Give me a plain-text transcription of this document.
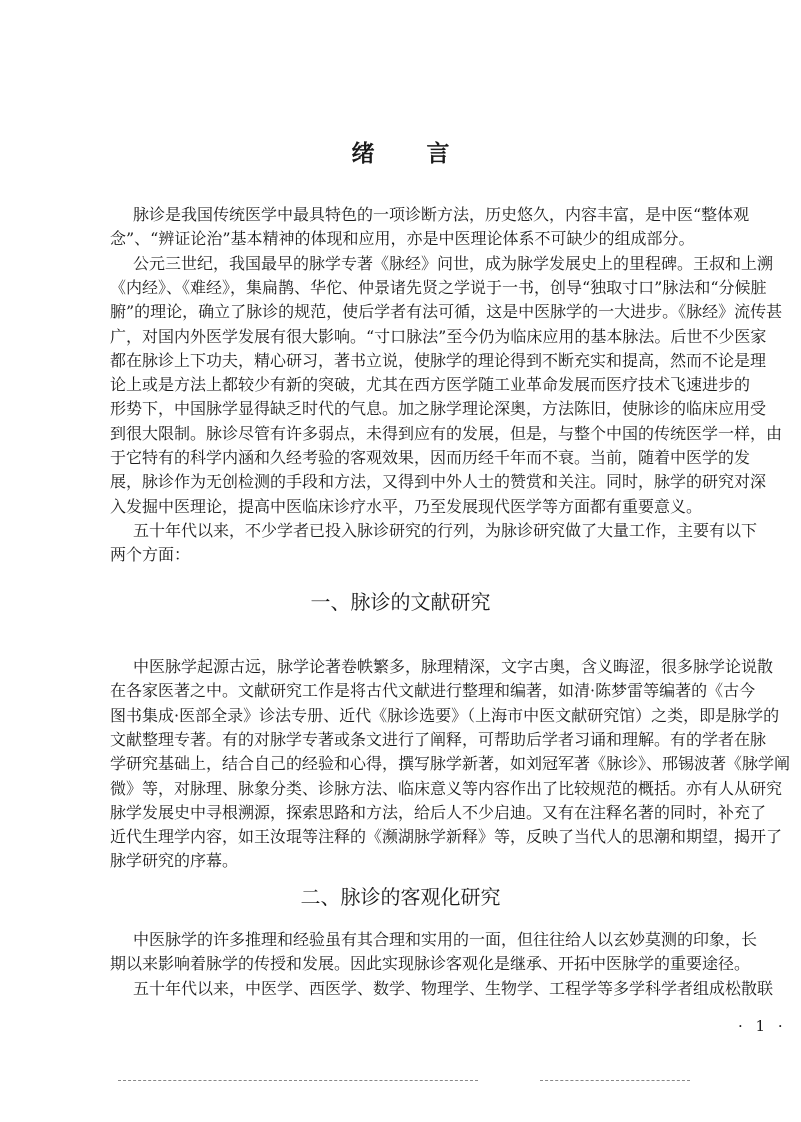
绪 言
一、脉诊的文献研究
二、脉诊的客观化研究
脉诊是我国传统医学中最具特色的一项诊断方法，历史悠久，内容丰富，是中医“整体观
念”、“辨证论治”基本精神的体现和应用，亦是中医理论体系不可缺少的组成部分。
公元三世纪，我国最早的脉学专著《脉经》问世，成为脉学发展史上的里程碑。王叔和上溯
《内经》、《难经》，集扁鹊、华佗、仲景诸先贤之学说于一书，创导“独取寸口”脉法和“分候脏
腑”的理论，确立了脉诊的规范，使后学者有法可循，这是中医脉学的一大进步。《脉经》流传甚
广，对国内外医学发展有很大影响。“寸口脉法”至今仍为临床应用的基本脉法。后世不少医家
都在脉诊上下功夫，精心研习，著书立说，使脉学的理论得到不断充实和提高，然而不论是理
论上或是方法上都较少有新的突破，尤其在西方医学随工业革命发展而医疗技术飞速进步的
形势下，中国脉学显得缺乏时代的气息。加之脉学理论深奥，方法陈旧，使脉诊的临床应用受
到很大限制。脉诊尽管有许多弱点，未得到应有的发展，但是，与整个中国的传统医学一样，由
于它特有的科学内涵和久经考验的客观效果，因而历经千年而不衰。当前，随着中医学的发
展，脉诊作为无创检测的手段和方法，又得到中外人士的赞赏和关注。同时，脉学的研究对深
入发掘中医理论，提高中医临床诊疗水平，乃至发展现代医学等方面都有重要意义。
五十年代以来，不少学者已投入脉诊研究的行列，为脉诊研究做了大量工作，主要有以下
两个方面：
中医脉学起源古远，脉学论著卷帙繁多，脉理精深，文字古奥，含义晦涩，很多脉学论说散
在各家医著之中。文献研究工作是将古代文献进行整理和编著，如清·陈梦雷等编著的《古今
图书集成·医部全录》诊法专册、近代《脉诊选要》（上海市中医文献研究馆）之类，即是脉学的
文献整理专著。有的对脉学专著或条文进行了阐释，可帮助后学者习诵和理解。有的学者在脉
学研究基础上，结合自己的经验和心得，撰写脉学新著，如刘冠军著《脉诊》、邢锡波著《脉学阐
微》等，对脉理、脉象分类、诊脉方法、临床意义等内容作出了比较规范的概括。亦有人从研究
脉学发展史中寻根溯源，探索思路和方法，给后人不少启迪。又有在注释名著的同时，补充了
近代生理学内容，如王汝琨等注释的《濒湖脉学新释》等，反映了当代人的思潮和期望，揭开了
脉学研究的序幕。
中医脉学的许多推理和经验虽有其合理和实用的一面，但往往给人以玄妙莫测的印象，长
期以来影响着脉学的传授和发展。因此实现脉诊客观化是继承、开拓中医脉学的重要途径。
五十年代以来，中医学、西医学、数学、物理学、生物学、工程学等多学科学者组成松散联
· 1 ·
